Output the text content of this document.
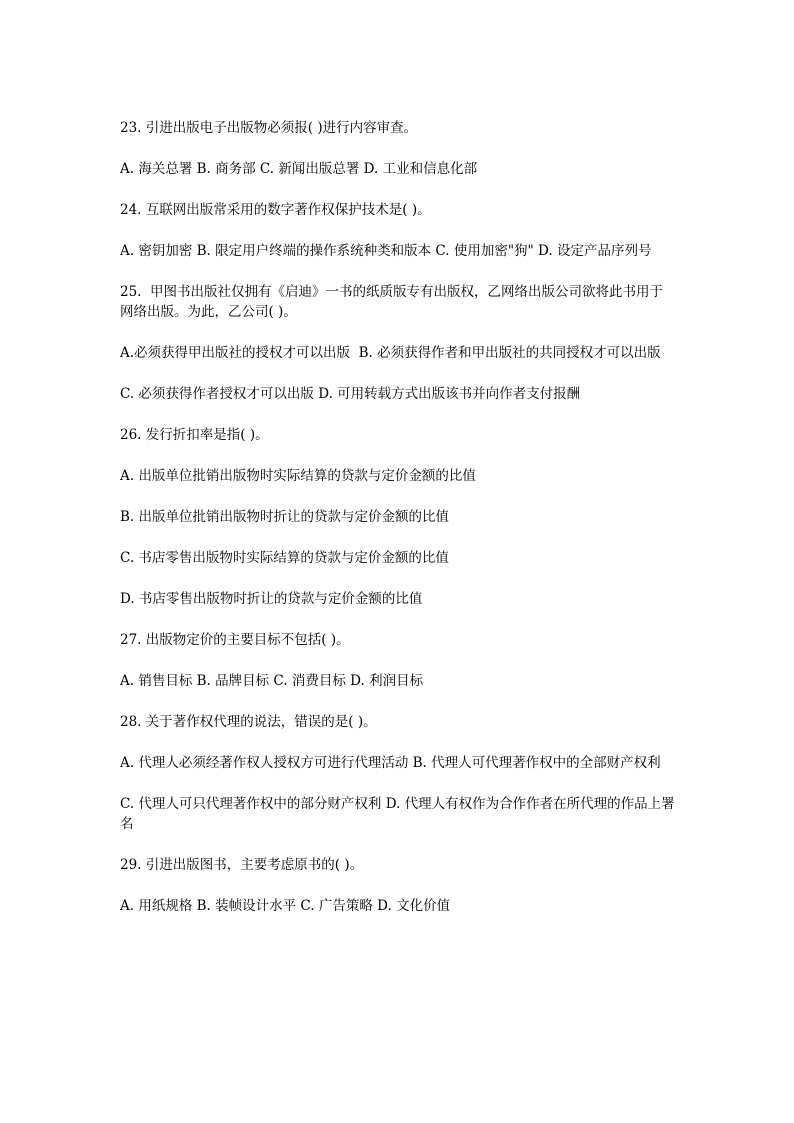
23. 引进出版电子出版物必须报( )进行内容审查。

A. 海关总署 B. 商务部 C. 新闻出版总署 D. 工业和信息化部

24. 互联网出版常采用的数字著作权保护技术是( )。

A. 密钥加密 B. 限定用户终端的操作系统种类和版本 C. 使用加密"狗" D. 设定产品序列号

25.  甲图书出版社仅拥有《启迪》一书的纸质版专有出版权，乙网络出版公司欲将此书用于网络出版。为此，乙公司( )。

A.必须获得甲出版社的授权才可以出版  B. 必须获得作者和甲出版社的共同授权才可以出版

C. 必须获得作者授权才可以出版 D. 可用转载方式出版该书并向作者支付报酬

26. 发行折扣率是指( )。

A. 出版单位批销出版物时实际结算的贷款与定价金额的比值

B. 出版单位批销出版物时折让的贷款与定价金额的比值

C. 书店零售出版物时实际结算的贷款与定价金额的比值

D. 书店零售出版物时折让的贷款与定价金额的比值

27. 出版物定价的主要目标不包括( )。

A. 销售目标 B. 品牌目标 C. 消费目标 D. 利润目标

28. 关于著作权代理的说法，错误的是( )。

A. 代理人必须经著作权人授权方可进行代理活动 B. 代理人可代理著作权中的全部财产权利

C. 代理人可只代理著作权中的部分财产权利 D. 代理人有权作为合作作者在所代理的作品上署名

29. 引进出版图书，主要考虑原书的( )。

A. 用纸规格 B. 装帧设计水平 C. 广告策略 D. 文化价值
